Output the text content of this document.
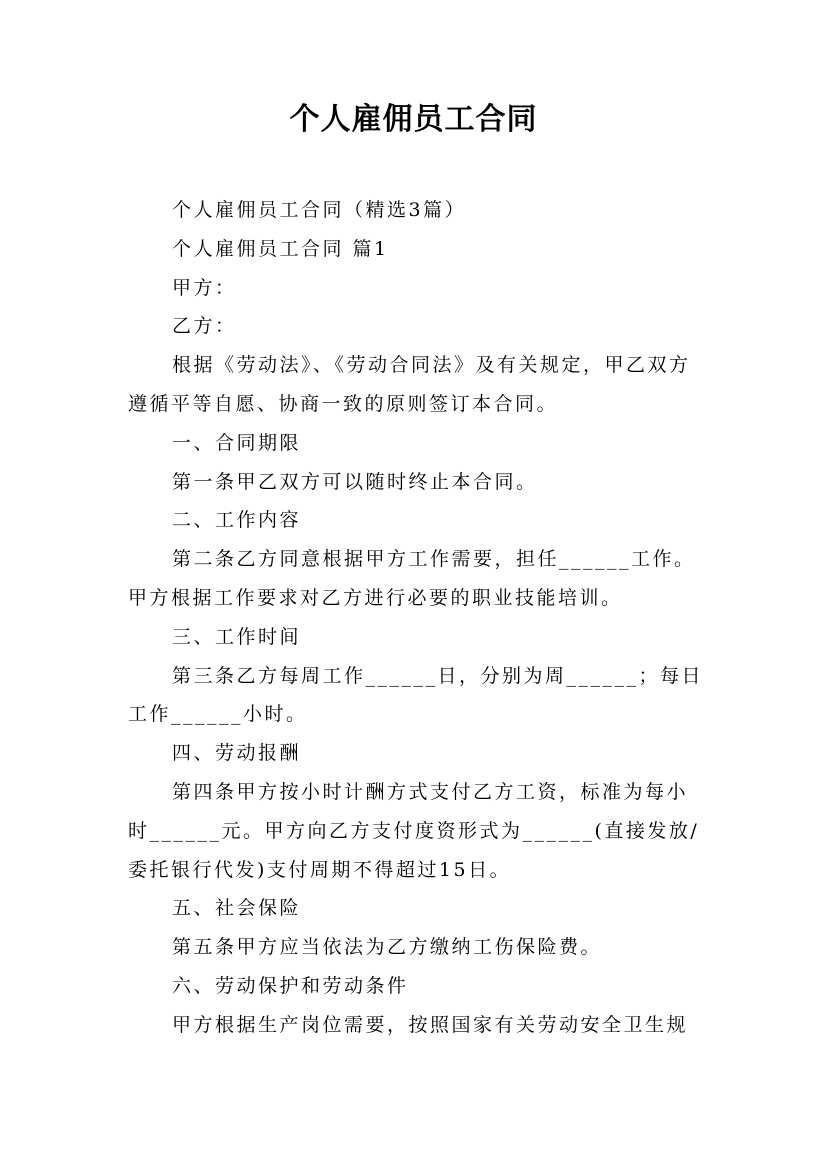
个人雇佣员工合同

个人雇佣员工合同（精选3篇）

个人雇佣员工合同 篇1

甲方：

乙方：

根据《劳动法》、《劳动合同法》及有关规定，甲乙双方遵循平等自愿、协商一致的原则签订本合同。

一、合同期限

第一条甲乙双方可以随时终止本合同。

二、工作内容

第二条乙方同意根据甲方工作需要，担任______工作。甲方根据工作要求对乙方进行必要的职业技能培训。

三、工作时间

第三条乙方每周工作______日，分别为周______；每日工作______小时。

四、劳动报酬

第四条甲方按小时计酬方式支付乙方工资，标准为每小时______元。甲方向乙方支付度资形式为______(直接发放/委托银行代发)支付周期不得超过15日。

五、社会保险

第五条甲方应当依法为乙方缴纳工伤保险费。

六、劳动保护和劳动条件

甲方根据生产岗位需要，按照国家有关劳动安全卫生规
